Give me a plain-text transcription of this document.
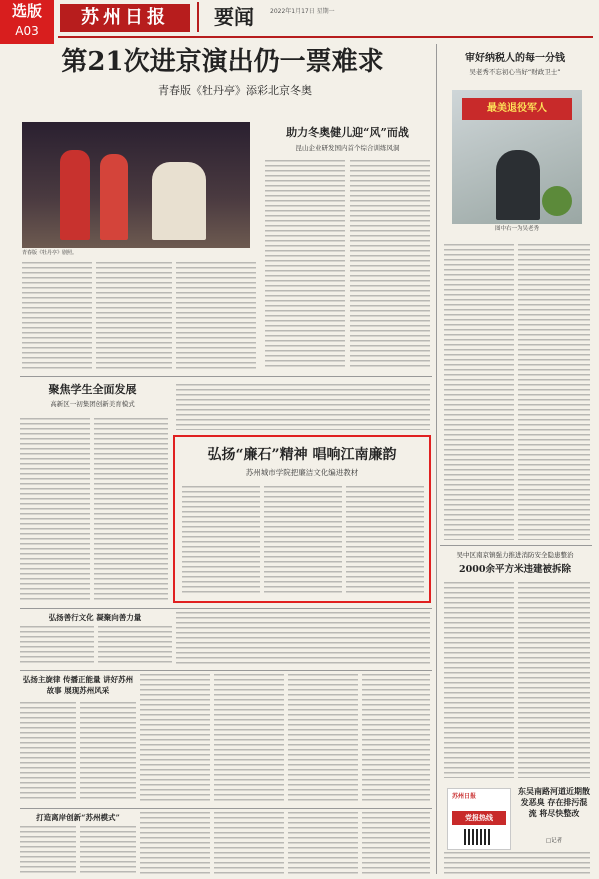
选版
A03
苏州日报	要闻	2022年1月17日 星期一
第21次进京演出仍一票难求
青春版《牡丹亭》添彩北京冬奥
青春版《牡丹亭》剧照。
助力冬奥健儿迎“风”而战
昆山企业研发国内首个综合训练风洞
审好纳税人的每一分钱
吴老秀不忘初心当好“财政卫士”
最美退役军人
图中右一为吴老秀
聚焦学生全面发展
高新区一初集团创新美育模式
弘扬“廉石”精神 唱响江南廉韵
苏州城市学院把廉洁文化编进教材
吴中区南京镇强力推进消防安全隐患整治
2000余平方米违建被拆除
弘扬善行文化 凝聚向善力量
弘扬主旋律 传播正能量 讲好苏州故事 展现苏州风采
打造离岸创新“苏州模式”
苏州日报
党报热线
东吴南路河道近期散发恶臭 存在排污混流 将尽快整改
□记者
